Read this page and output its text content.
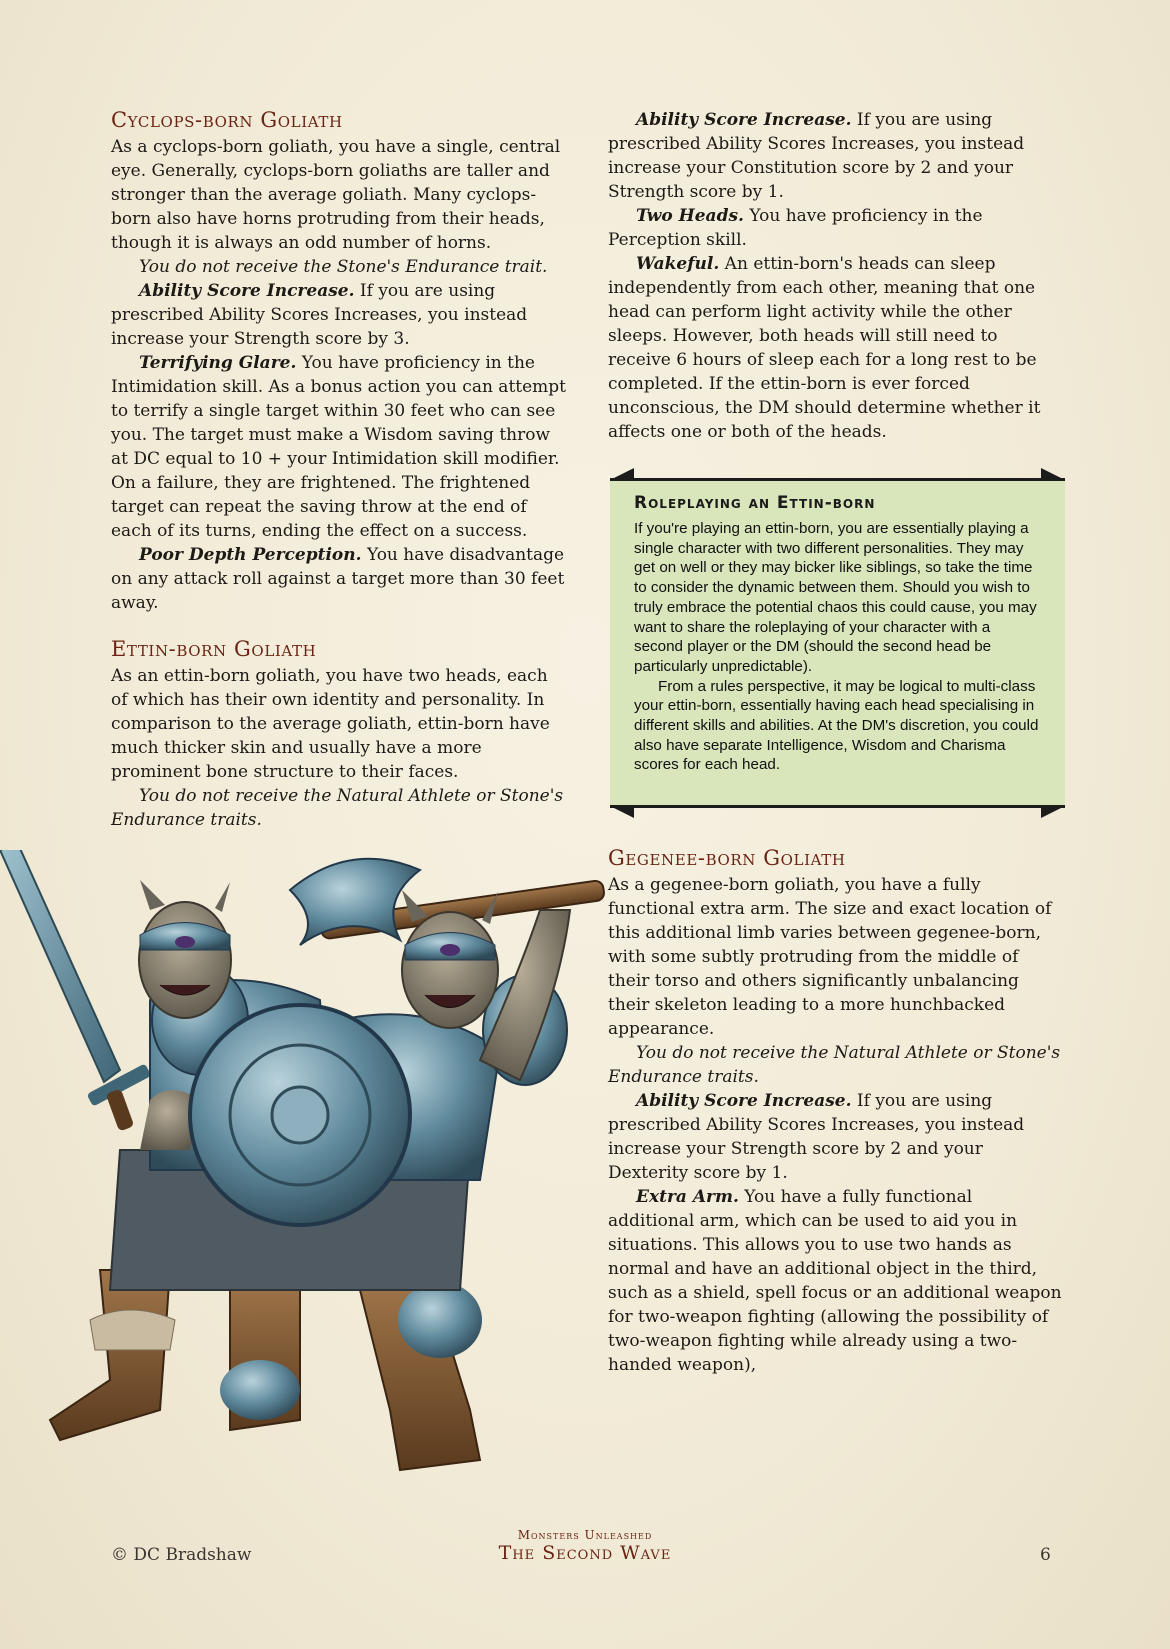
Cyclops-born Goliath

As a cyclops-born goliath, you have a single, central eye. Generally, cyclops-born goliaths are taller and stronger than the average goliath. Many cyclops-born also have horns protruding from their heads, though it is always an odd number of horns.

You do not receive the Stone's Endurance trait.

Ability Score Increase. If you are using prescribed Ability Scores Increases, you instead increase your Strength score by 3.

Terrifying Glare. You have proficiency in the Intimidation skill. As a bonus action you can attempt to terrify a single target within 30 feet who can see you. The target must make a Wisdom saving throw at DC equal to 10 + your Intimidation skill modifier. On a failure, they are frightened. The frightened target can repeat the saving throw at the end of each of its turns, ending the effect on a success.

Poor Depth Perception. You have disadvantage on any attack roll against a target more than 30 feet away.

Ettin-born Goliath

As an ettin-born goliath, you have two heads, each of which has their own identity and personality. In comparison to the average goliath, ettin-born have much thicker skin and usually have a more prominent bone structure to their faces.

You do not receive the Natural Athlete or Stone's Endurance traits.

Ability Score Increase. If you are using prescribed Ability Scores Increases, you instead increase your Constitution score by 2 and your Strength score by 1.

Two Heads. You have proficiency in the Perception skill.

Wakeful. An ettin-born's heads can sleep independently from each other, meaning that one head can perform light activity while the other sleeps. However, both heads will still need to receive 6 hours of sleep each for a long rest to be completed. If the ettin-born is ever forced unconscious, the DM should determine whether it affects one or both of the heads.

Roleplaying an Ettin-born

If you're playing an ettin-born, you are essentially playing a single character with two different personalities. They may get on well or they may bicker like siblings, so take the time to consider the dynamic between them. Should you wish to truly embrace the potential chaos this could cause, you may want to share the roleplaying of your character with a second player or the DM (should the second head be particularly unpredictable).

From a rules perspective, it may be logical to multi-class your ettin-born, essentially having each head specialising in different skills and abilities. At the DM's discretion, you could also have separate Intelligence, Wisdom and Charisma scores for each head.

Gegenee-born Goliath

As a gegenee-born goliath, you have a fully functional extra arm. The size and exact location of this additional limb varies between gegenee-born, with some subtly protruding from the middle of their torso and others significantly unbalancing their skeleton leading to a more hunchbacked appearance.

You do not receive the Natural Athlete or Stone's Endurance traits.

Ability Score Increase. If you are using prescribed Ability Scores Increases, you instead increase your Strength score by 2 and your Dexterity score by 1.

Extra Arm. You have a fully functional additional arm, which can be used to aid you in situations. This allows you to use two hands as normal and have an additional object in the third, such as a shield, spell focus or an additional weapon for two-weapon fighting (allowing the possibility of two-weapon fighting while already using a two-handed weapon),

© DC Bradshaw
Monsters Unleashed
The Second Wave	6
